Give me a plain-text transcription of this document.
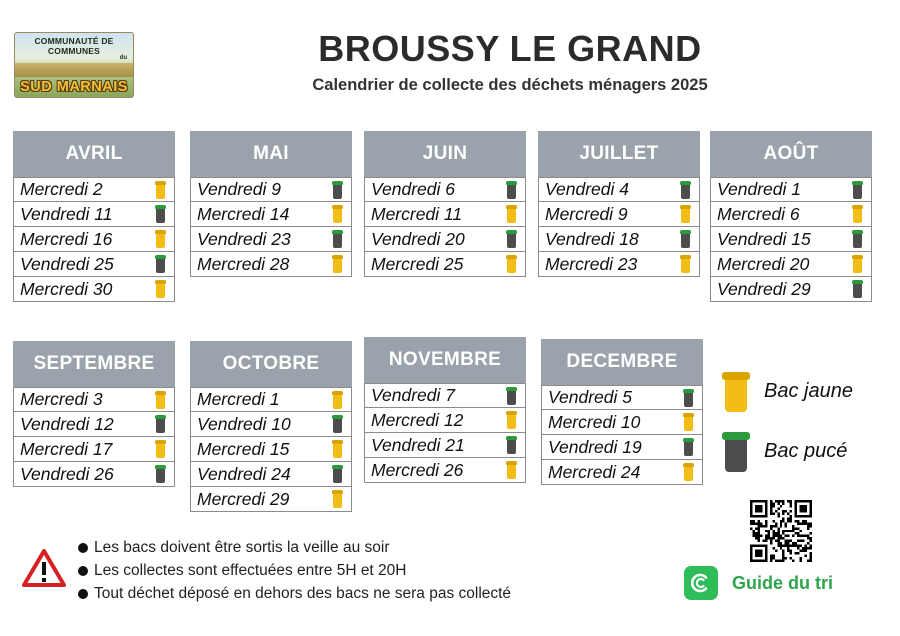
COMMUNAUTÉ DE
COMMUNES
du
SUD MARNAIS
BROUSSY LE GRAND
Calendrier de collecte des déchets ménagers 2025
AVRIL
Mercredi 2
Vendredi 11
Mercredi 16
Vendredi 25
Mercredi 30
MAI
Vendredi 9
Mercredi 14
Vendredi 23
Mercredi 28
JUIN
Vendredi 6
Mercredi 11
Vendredi 20
Mercredi 25
JUILLET
Vendredi 4
Mercredi 9
Vendredi 18
Mercredi 23
AOÛT
Vendredi 1
Mercredi 6
Vendredi 15
Mercredi 20
Vendredi 29
SEPTEMBRE
Mercredi 3
Vendredi 12
Mercredi 17
Vendredi 26
OCTOBRE
Mercredi 1
Vendredi 10
Mercredi 15
Vendredi 24
Mercredi 29
NOVEMBRE
Vendredi 7
Mercredi 12
Vendredi 21
Mercredi 26
DECEMBRE
Vendredi 5
Mercredi 10
Vendredi 19
Mercredi 24
Bac jaune
Bac pucé
Les bacs doivent être sortis la veille au soir
Les collectes sont effectuées entre 5H et 20H
Tout déchet déposé en dehors des bacs ne sera pas collecté
Guide du tri
